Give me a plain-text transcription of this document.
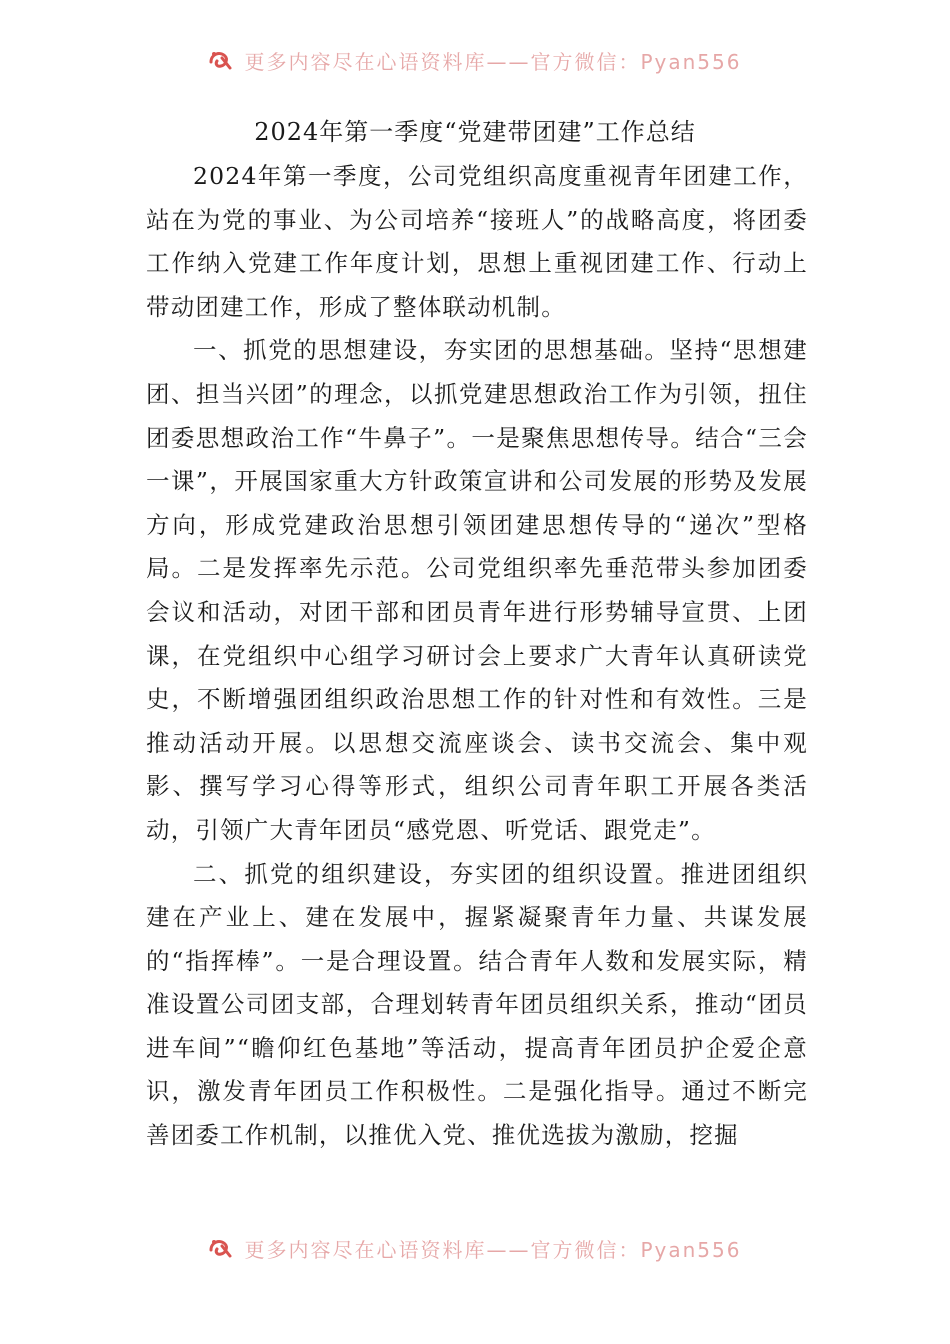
更多内容尽在心语资料库——官方微信：Pyan556
2024年第一季度“党建带团建”工作总结

2024年第一季度，公司党组织高度重视青年团建工作，站在为党的事业、为公司培养“接班人”的战略高度，将团委工作纳入党建工作年度计划，思想上重视团建工作、行动上带动团建工作，形成了整体联动机制。

一、抓党的思想建设，夯实团的思想基础。坚持“思想建团、担当兴团”的理念，以抓党建思想政治工作为引领，扭住团委思想政治工作“牛鼻子”。一是聚焦思想传导。结合“三会一课”，开展国家重大方针政策宣讲和公司发展的形势及发展方向，形成党建政治思想引领团建思想传导的“递次”型格局。二是发挥率先示范。公司党组织率先垂范带头参加团委会议和活动，对团干部和团员青年进行形势辅导宣贯、上团课，在党组织中心组学习研讨会上要求广大青年认真研读党史，不断增强团组织政治思想工作的针对性和有效性。三是推动活动开展。以思想交流座谈会、读书交流会、集中观影、撰写学习心得等形式，组织公司青年职工开展各类活动，引领广大青年团员“感党恩、听党话、跟党走”。

二、抓党的组织建设，夯实团的组织设置。推进团组织建在产业上、建在发展中，握紧凝聚青年力量、共谋发展的“指挥棒”。一是合理设置。结合青年人数和发展实际，精准设置公司团支部，合理划转青年团员组织关系，推动“团员进车间”“瞻仰红色基地”等活动，提高青年团员护企爱企意识，激发青年团员工作积极性。二是强化指导。通过不断完善团委工作机制，以推优入党、推优选拔为激励，挖掘

更多内容尽在心语资料库——官方微信：Pyan556
